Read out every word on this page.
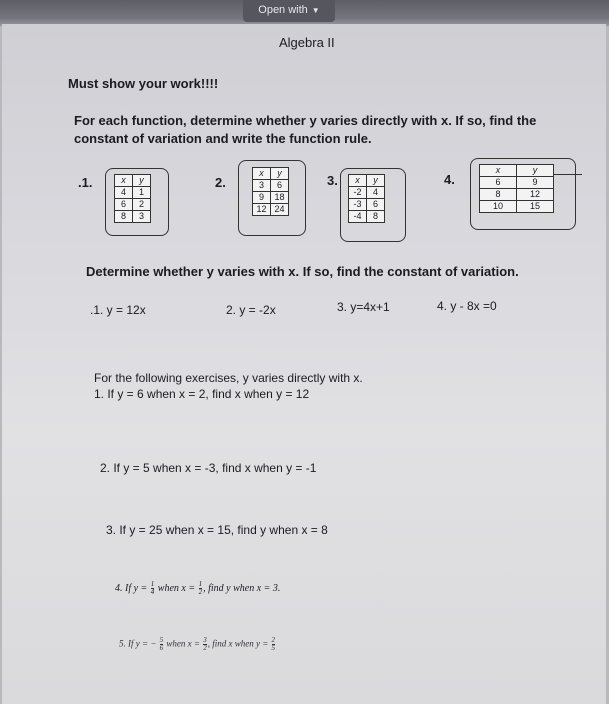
Open with ▼
Algebra II
Must show your work!!!!
For each function, determine whether y varies directly with x. If so, find the
constant of variation and write the function rule.
.1.	x	y
4	1
6	2
8	3
2.
x	y
3	6
9	18
12	24
3. x	y
-2	4
-3	6
-4	8
4.
x	y
6	9
8	12
10	15
Determine whether y varies with x. If so, find the constant of variation.
.1. y = 12x	2. y = -2x	3. y=4x+1	4. y - 8x =0
For the following exercises, y varies directly with x.
1. If y = 6 when x = 2, find x when y = 12
2. If y = 5 when x = -3, find x when y = -1
3. If y = 25 when x = 15, find y when x = 8
4. If $y = \frac{1}{4}$ when $x = \frac{1}{2}$ , find y when x = 3.
5. If y = − $\frac{5}{6}$ when $x = \frac{3}{2}$ , find x when $y = \frac{2}{5}$
